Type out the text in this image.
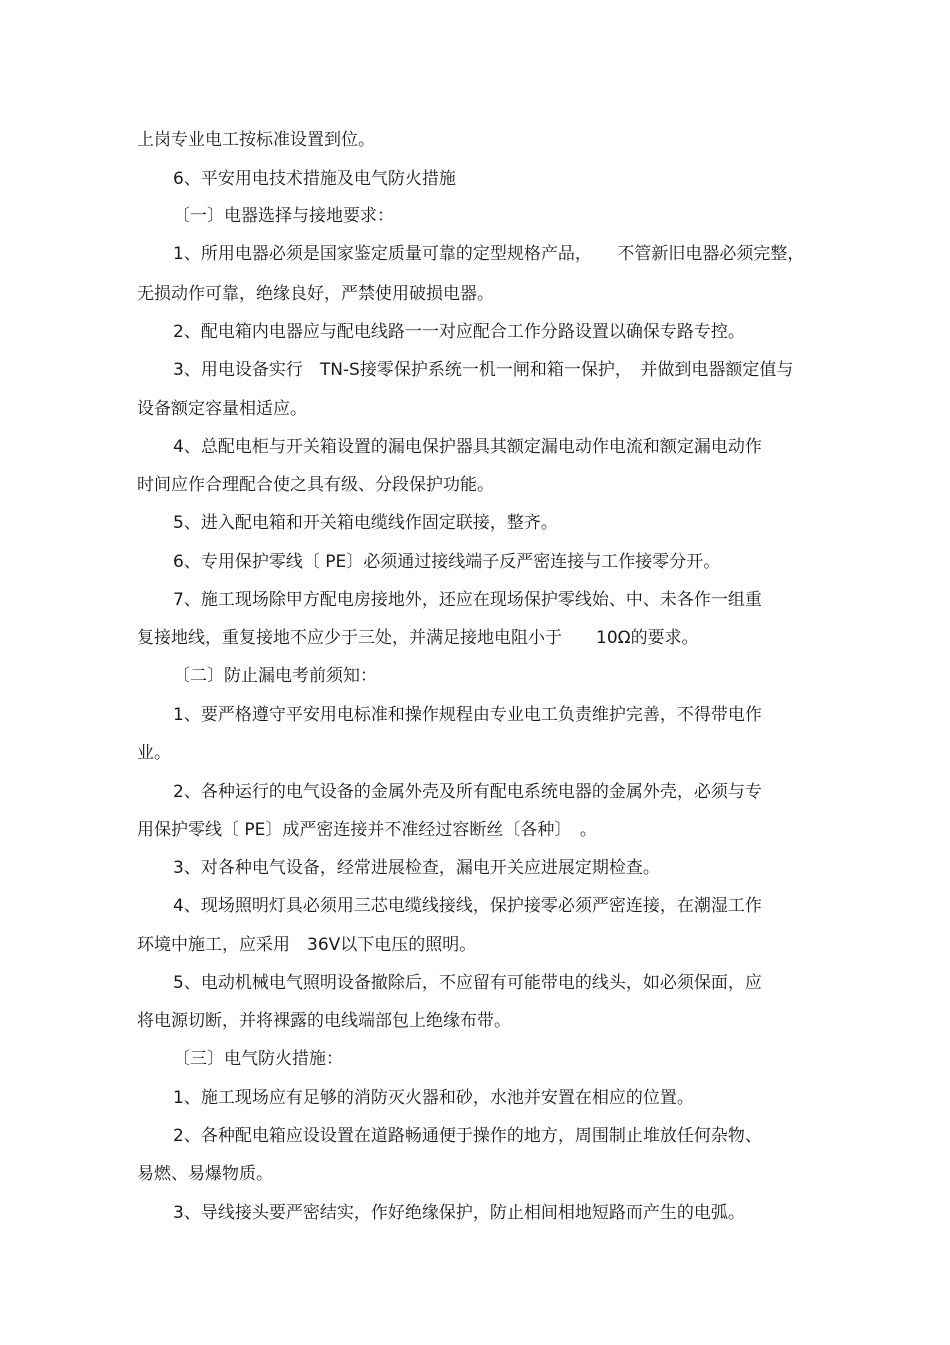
上岗专业电工按标准设置到位。

6、平安用电技术措施及电气防火措施

〔一〕电器选择与接地要求：

1、所用电器必须是国家鉴定质量可靠的定型规格产品，　　不管新旧电器必须完整，

无损动作可靠，绝缘良好，严禁使用破损电器。

2、配电箱内电器应与配电线路一一对应配合工作分路设置以确保专路专控。

3、用电设备实行　TN-S接零保护系统一机一闸和箱一保护，　并做到电器额定值与

设备额定容量相适应。

4、总配电柜与开关箱设置的漏电保护器具其额定漏电动作电流和额定漏电动作

时间应作合理配合使之具有级、分段保护功能。

5、进入配电箱和开关箱电缆线作固定联接，整齐。

6、专用保护零线〔 PE〕必须通过接线端子反严密连接与工作接零分开。

7、施工现场除甲方配电房接地外，还应在现场保护零线始、中、未各作一组重

复接地线，重复接地不应少于三处，并满足接地电阻小于　　10Ω的要求。

〔二〕防止漏电考前须知：

1、要严格遵守平安用电标准和操作规程由专业电工负责维护完善，不得带电作

业。

2、各种运行的电气设备的金属外壳及所有配电系统电器的金属外壳，必须与专

用保护零线〔 PE〕成严密连接并不准经过容断丝〔各种〕　。

3、对各种电气设备，经常进展检查，漏电开关应进展定期检查。

4、现场照明灯具必须用三芯电缆线接线，保护接零必须严密连接，在潮湿工作

环境中施工，应采用　36V以下电压的照明。

5、电动机械电气照明设备撤除后，不应留有可能带电的线头，如必须保面，应

将电源切断，并将裸露的电线端部包上绝缘布带。

〔三〕电气防火措施：

1、施工现场应有足够的消防灭火器和砂，水池并安置在相应的位置。

2、各种配电箱应设设置在道路畅通便于操作的地方，周围制止堆放任何杂物、

易燃、易爆物质。

3、导线接头要严密结实，作好绝缘保护，防止相间相地短路而产生的电弧。
